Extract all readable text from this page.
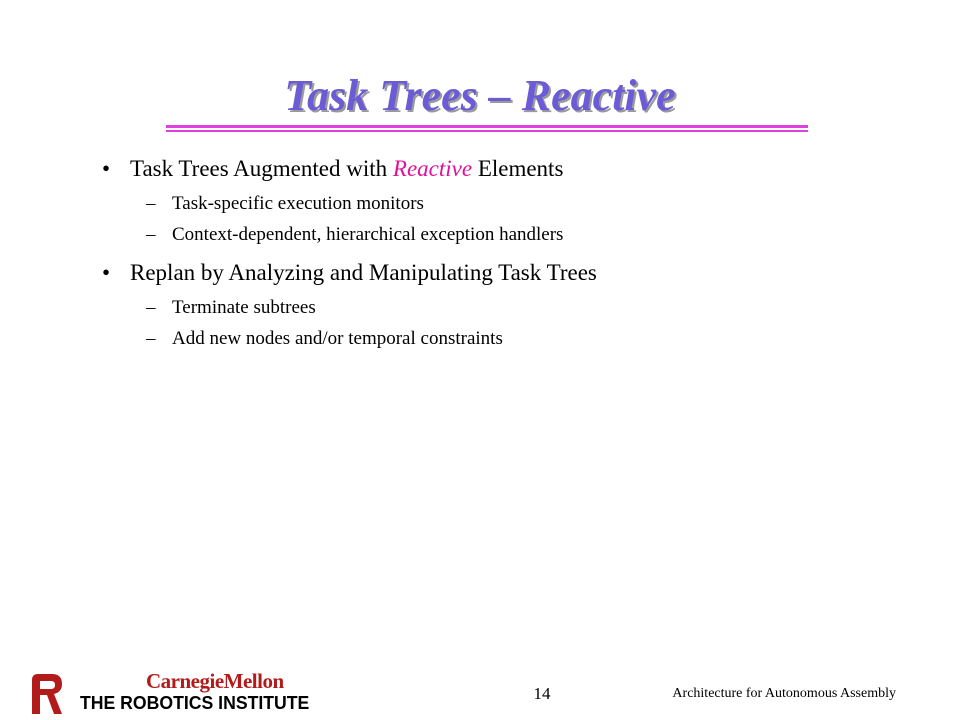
Task Trees – Reactive
• Task Trees Augmented with Reactive Elements
– Task-specific execution monitors
– Context-dependent, hierarchical exception handlers
• Replan by Analyzing and Manipulating Task Trees
– Terminate subtrees
– Add new nodes and/or temporal constraints
CarnegieMellon
THE ROBOTICS INSTITUTE	14	Architecture for Autonomous Assembly
